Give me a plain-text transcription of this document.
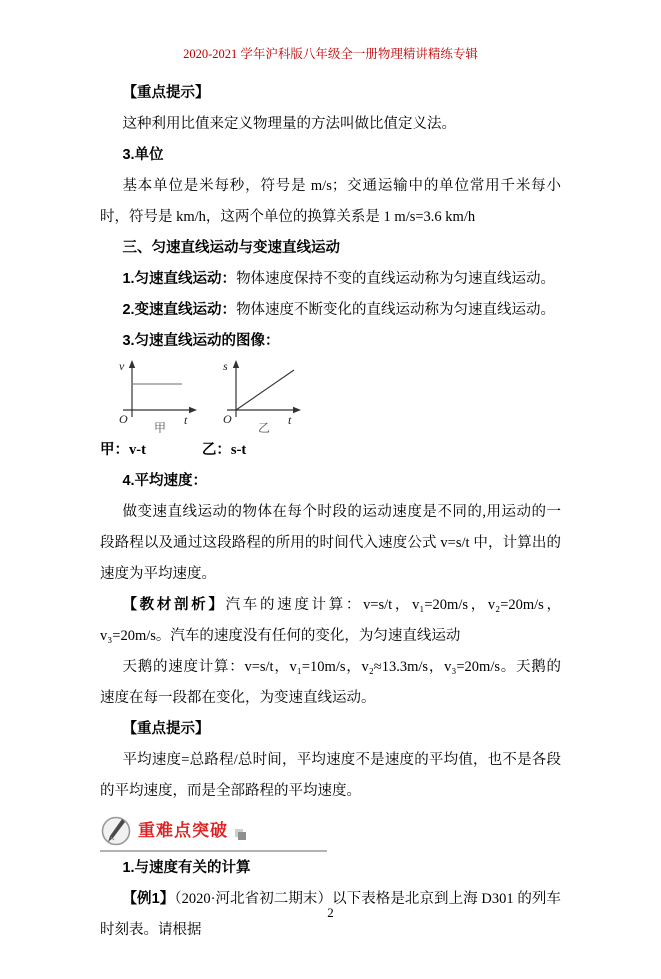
2020-2021 学年沪科版八年级全一册物理精讲精练专辑

【重点提示】

这种利用比值来定义物理量的方法叫做比值定义法。

3.单位

基本单位是米每秒，符号是 m/s；交通运输中的单位常用千米每小时，符号是 km/h，这两个单位的换算关系是 1 m/s=3.6 km/h

三、匀速直线运动与变速直线运动

1.匀速直线运动：物体速度保持不变的直线运动称为匀速直线运动。

2.变速直线运动：物体速度不断变化的直线运动称为匀速直线运动。

3.匀速直线运动的图像：

v
t
O
甲
s
t
O
乙

甲：v-t	乙：s-t

4.平均速度：

做变速直线运动的物体在每个时段的运动速度是不同的,用运动的一段路程以及通过这段路程的所用的时间代入速度公式 v=s/t 中，计算出的速度为平均速度。

【教材剖析】汽车的速度计算：v=s/t，v₁=20m/s，v₂=20m/s，v₃=20m/s。汽车的速度没有任何的变化，为匀速直线运动

天鹅的速度计算：v=s/t，v₁=10m/s，v₂≈13.3m/s，v₃=20m/s。天鹅的速度在每一段都在变化，为变速直线运动。

【重点提示】

平均速度=总路程/总时间，平均速度不是速度的平均值，也不是各段的平均速度，而是全部路程的平均速度。

重难点突破

1.与速度有关的计算

【例1】（2020·河北省初二期末）以下表格是北京到上海 D301 的列车时刻表。请根据

2
